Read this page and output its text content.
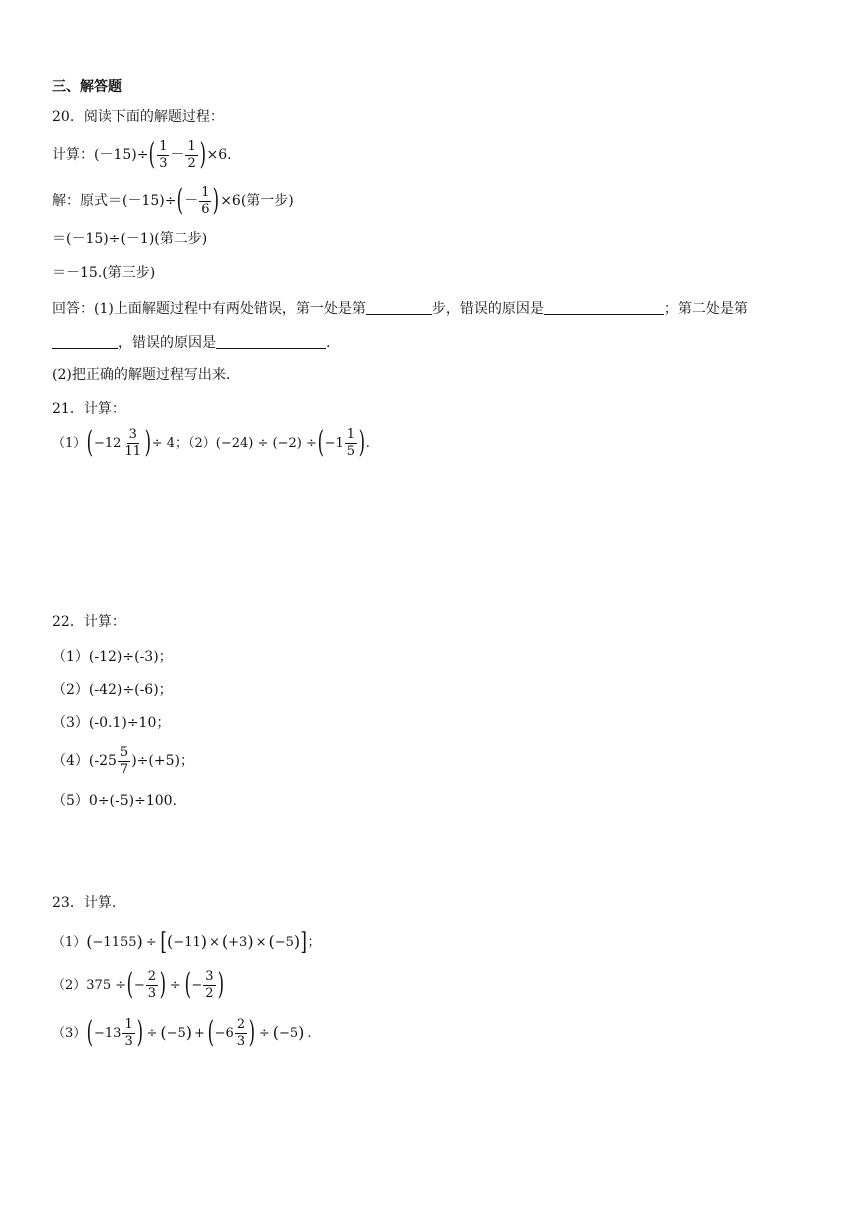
三、解答题
20．阅读下面的解题过程：
计算：(－15)÷ ( $\frac{1}{3} - \frac{1}{2}$ ) ×6.
解：原式＝(－15)÷ ( － $\frac{1}{6}$ ) ×6(第一步)
＝(－15)÷(－1)(第二步)
＝－15.(第三步)
回答：(1)上面解题过程中有两处错误，第一处是第	步，错误的原因是	；第二处是第
，错误的原因是	.
(2)把正确的解题过程写出来.
21．计算：
（1） ( $-12 \frac{3}{11}$ ) ÷ 4 ；（2） (−24) ÷ (−2) ÷ ( $-1 \frac{1}{5}$ ) .
22．计算：
（1）(-12)÷(-3)；
（2）(-42)÷(-6)；
（3）(-0.1)÷10；
$(4)(-25 \frac{5}{7} )\div(+5)$；
（5）0÷(-5)÷100.
23．计算.
（1） ( −1155 ) ÷ [ ( −11 ) × ( +3 ) × ( −5 ) ] ；
（2） 375 ÷ ( − $\frac{2}{3}$ ) ÷ ( − $\frac{3}{2}$ )
（3） ( $-13 \frac{1}{3}$ ) ÷ ( −5 ) + ( $-6 \frac{2}{3}$ ) ÷ ( −5 ) .
